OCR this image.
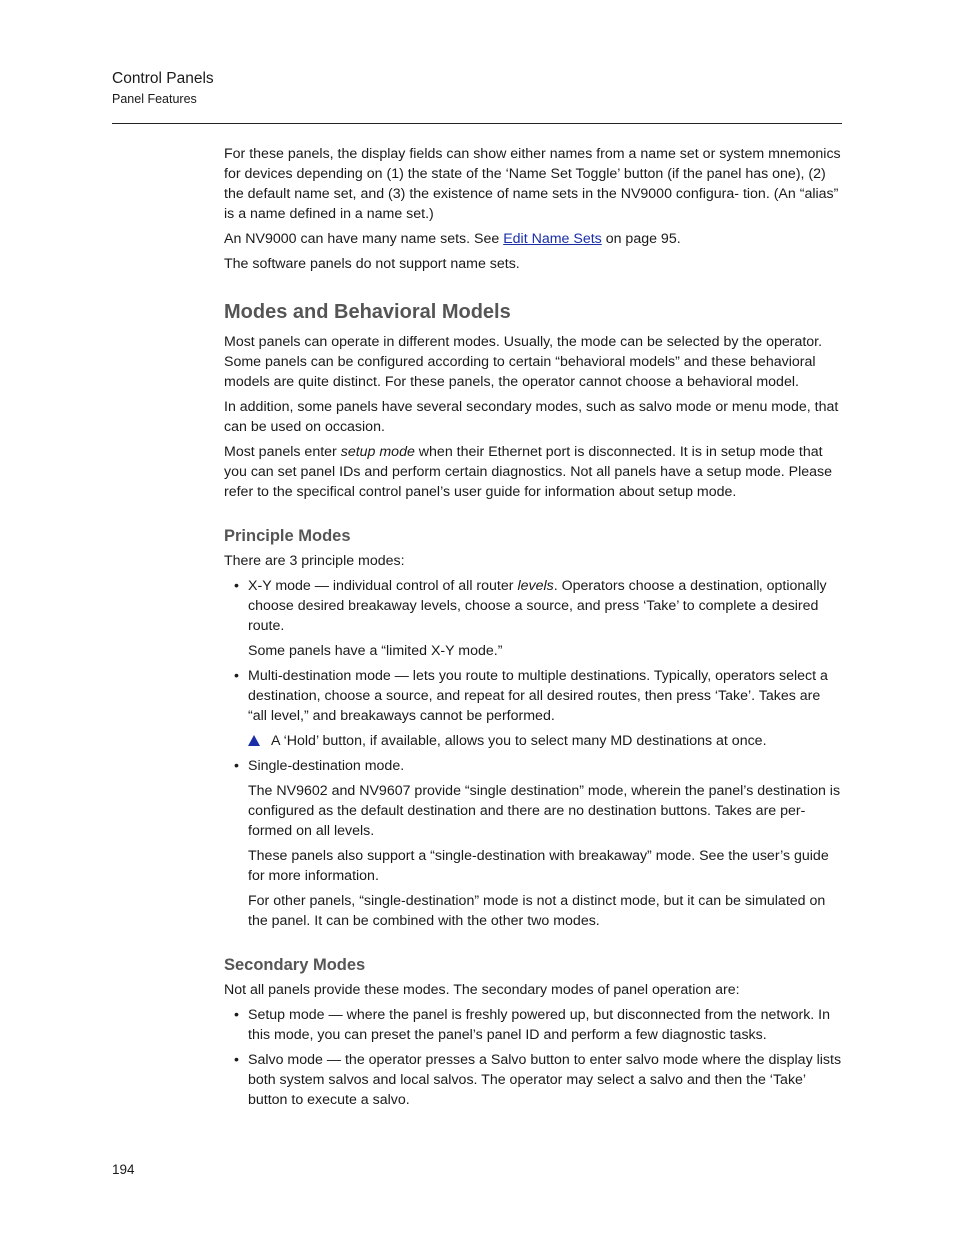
Control Panels
Panel Features

For these panels, the display fields can show either names from a name set or system mnemonics for devices depending on (1) the state of the ‘Name Set Toggle’ button (if the panel has one), (2) the default name set, and (3) the existence of name sets in the NV9000 configura- tion. (An “alias” is a name defined in a name set.)

An NV9000 can have many name sets. See Edit Name Sets on page 95.

The software panels do not support name sets.

Modes and Behavioral Models

Most panels can operate in different modes. Usually, the mode can be selected by the operator. Some panels can be configured according to certain “behavioral models” and these behavioral models are quite distinct. For these panels, the operator cannot choose a behavioral model.

In addition, some panels have several secondary modes, such as salvo mode or menu mode, that can be used on occasion.

Most panels enter setup mode when their Ethernet port is disconnected. It is in setup mode that you can set panel IDs and perform certain diagnostics. Not all panels have a setup mode. Please refer to the specifical control panel’s user guide for information about setup mode.

Principle Modes

There are 3 principle modes:

• X-Y mode — individual control of all router levels. Operators choose a destination, optionally choose desired breakaway levels, choose a source, and press ‘Take’ to complete a desired route.

Some panels have a “limited X-Y mode.”

• Multi-destination mode — lets you route to multiple destinations. Typically, operators select a destination, choose a source, and repeat for all desired routes, then press ‘Take’. Takes are “all level,” and breakaways cannot be performed.
A ‘Hold’ button, if available, allows you to select many MD destinations at once.
• Single-destination mode.

The NV9602 and NV9607 provide “single destination” mode, wherein the panel’s destination is configured as the default destination and there are no destination buttons. Takes are per- formed on all levels.

These panels also support a “single-destination with breakaway” mode. See the user’s guide for more information.

For other panels, “single-destination” mode is not a distinct mode, but it can be simulated on the panel. It can be combined with the other two modes.

Secondary Modes

Not all panels provide these modes. The secondary modes of panel operation are:

• Setup mode — where the panel is freshly powered up, but disconnected from the network. In this mode, you can preset the panel’s panel ID and perform a few diagnostic tasks.
• Salvo mode — the operator presses a Salvo button to enter salvo mode where the display lists both system salvos and local salvos. The operator may select a salvo and then the ‘Take’ button to execute a salvo.
194
